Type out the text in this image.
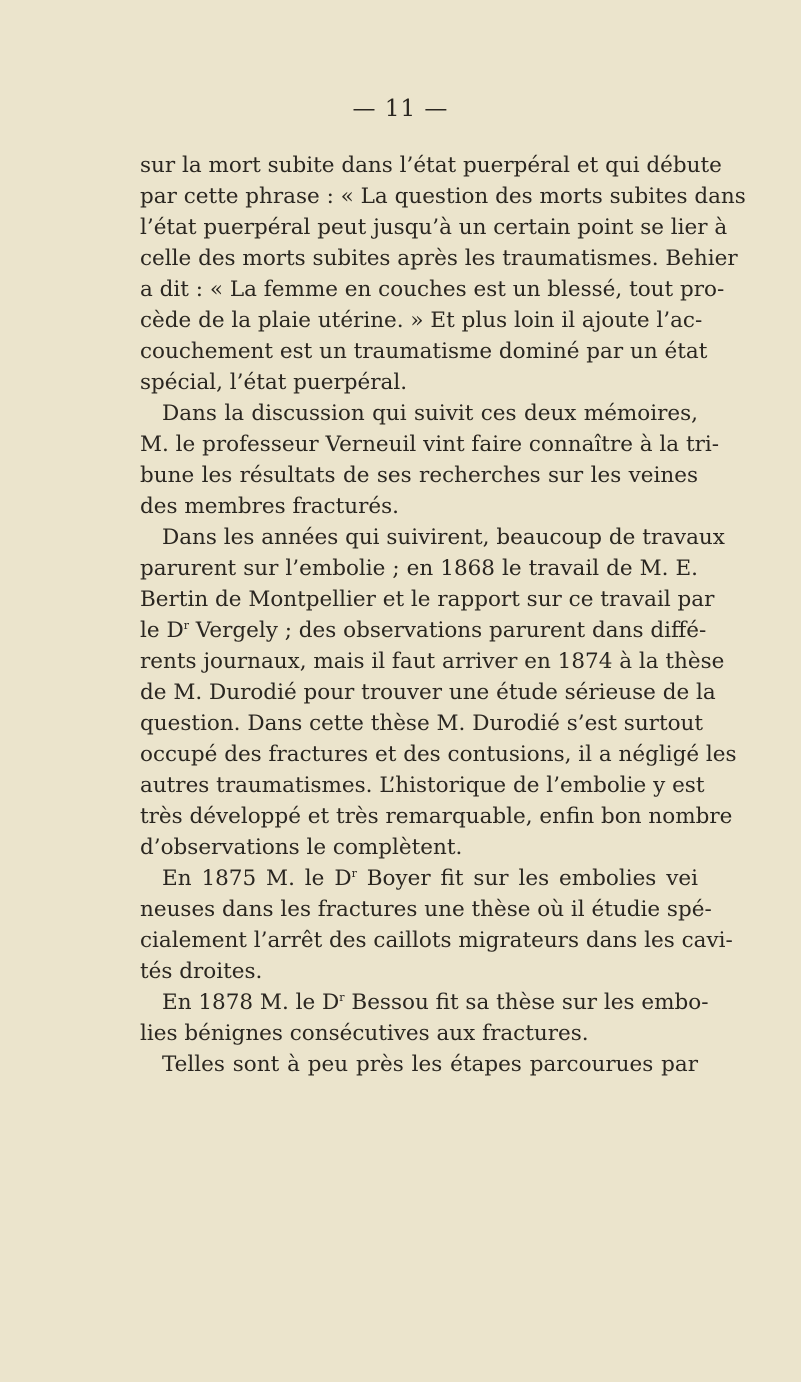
— 11 —
sur la mort subite dans l’état puerpéral et qui débute
par cette phrase : « La question des morts subites dans
l’état puerpéral peut jusqu’à un certain point se lier à
celle des morts subites après les traumatismes. Behier
a dit : « La femme en couches est un blessé, tout pro-
cède de la plaie utérine. » Et plus loin il ajoute l’ac-
couchement est un traumatisme dominé par un état
spécial, l’état puerpéral.
Dans la discussion qui suivit ces deux mémoires,
M. le professeur Verneuil vint faire connaître à la tri-
bune les résultats de ses recherches sur les veines
des membres fracturés.
Dans les années qui suivirent, beaucoup de travaux
parurent sur l’embolie ; en 1868 le travail de M. E.
Bertin de Montpellier et le rapport sur ce travail par
le $D^r$ Vergely ; des observations parurent dans diffé-
rents journaux, mais il faut arriver en 1874 à la thèse
de M. Durodié pour trouver une étude sérieuse de la
question. Dans cette thèse M. Durodié s’est surtout
occupé des fractures et des contusions, il a négligé les
autres traumatismes. L’historique de l’embolie y est
très développé et très remarquable, enfin bon nombre
d’observations le complètent.
En 1875 M. le $D^r$ Boyer fit sur les embolies vei
neuses dans les fractures une thèse où il étudie spé-
cialement l’arrêt des caillots migrateurs dans les cavi-
tés droites.
En 1878 M. le $D^r$ Bessou fit sa thèse sur les embo-
lies bénignes consécutives aux fractures.
Telles sont à peu près les étapes parcourues par
